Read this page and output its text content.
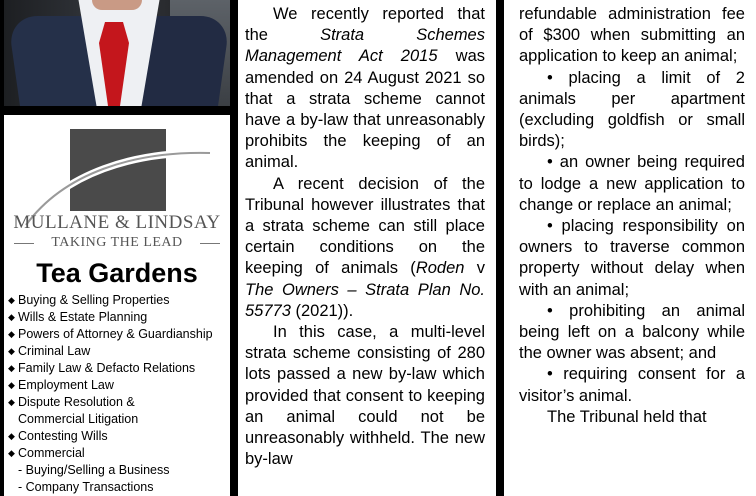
MULLANE & LINDSAY
TAKING THE LEAD
Tea Gardens
◆ Buying & Selling Properties
◆ Wills & Estate Planning
◆ Powers of Attorney & Guardianship
◆ Criminal Law
◆ Family Law & Defacto Relations
◆ Employment Law
◆ Dispute Resolution &
Commercial Litigation
◆ Contesting Wills
◆ Commercial
- Buying/Selling a Business
- Company Transactions

We recently reported that the Strata Schemes Management Act 2015 was amended on 24 August 2021 so that a strata scheme cannot have a by-law that unreasonably prohibits the keeping of an animal.

A recent decision of the Tribunal however illustrates that a strata scheme can still place certain conditions on the keeping of animals (Roden v The Owners – Strata Plan No. 55773 (2021)).

In this case, a multi-level strata scheme consisting of 280 lots passed a new by-law which provided that consent to keeping an animal could not be unreasonably withheld. The new by-law

refundable administration fee of $300 when submitting an application to keep an animal;

• placing a limit of 2 animals per apartment (excluding goldfish or small birds);

• an owner being required to lodge a new application to change or replace an animal;

• placing responsibility on owners to traverse common property without delay when with an animal;

• prohibiting an animal being left on a balcony while the owner was absent; and

• requiring consent for a visitor’s animal.

The Tribunal held that
